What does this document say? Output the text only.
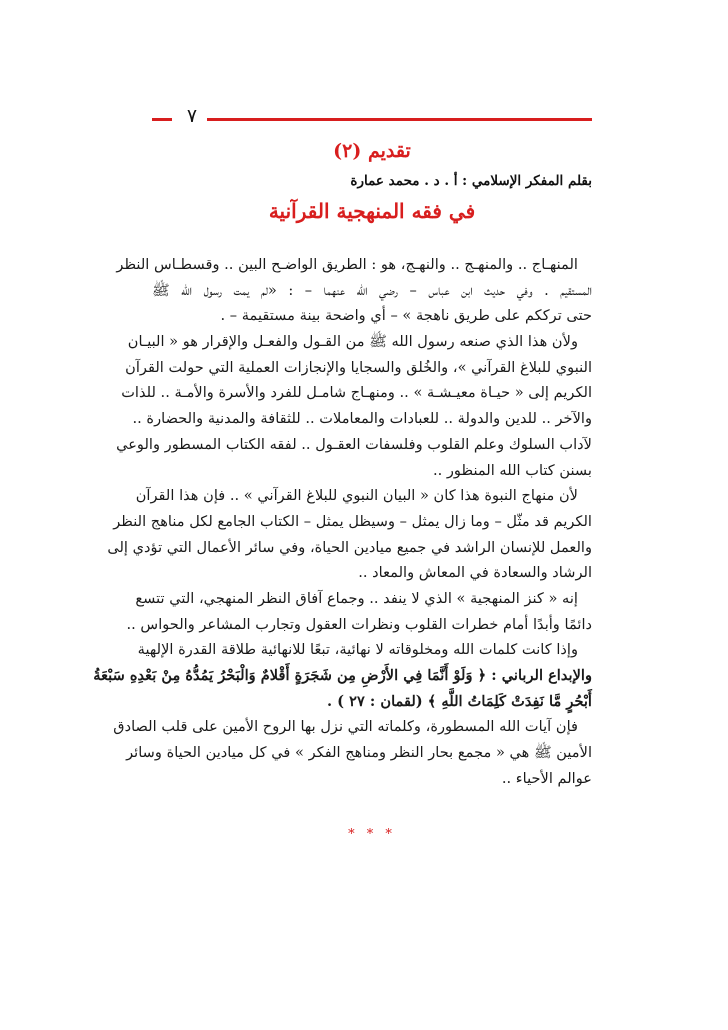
٧
تقديم (٢)
بقلم المفكر الإسلامي : أ . د . محمد عمارة
في فقه المنهجية القرآنية
المنهـاج .. والمنهـج .. والنهـج، هو : الطريق الواضـح البين .. وقسطـاس النظر
المستقيم . وفي حديث ابن عباس – رضي الله عنهما – : «لم يمت رسول الله ﷺ
حتى ترككم على طريق ناهجة » – أي واضحة بينة مستقيمة – .
ولأن هذا الذي صنعه رسول الله ﷺ من القـول والفعـل والإقرار هو « البيـان
النبوي للبلاغ القرآني »، والخُلق والسجايا والإنجازات العملية التي حولت القرآن
الكريم إلى « حيـاة معيـشـة » .. ومنهـاج شامـل للفرد والأسرة والأمـة .. للذات
والآخر .. للدين والدولة .. للعبادات والمعاملات .. للثقافة والمدنية والحضارة ..
لآداب السلوك وعلم القلوب وفلسفات العقـول .. لفقه الكتاب المسطور والوعي
بسنن كتاب الله المنظور ..
لأن منهاج النبوة هذا كان « البيان النبوي للبلاغ القرآني » .. فإن هذا القرآن
الكريم قد مثّل – وما زال يمثل – وسيظل يمثل – الكتاب الجامع لكل مناهج النظر
والعمل للإنسان الراشد في جميع ميادين الحياة، وفي سائر الأعمال التي تؤدي إلى
الرشاد والسعادة في المعاش والمعاد ..
إنه « كنز المنهجية » الذي لا ينفد .. وجماع آفاق النظر المنهجي، التي تتسع
دائمًا وأبدًا أمام خطرات القلوب ونظرات العقول وتجارب المشاعر والحواس ..
وإذا كانت كلمات الله ومخلوقاته لا نهائية، تبعًا للانهائية طلاقة القدرة الإلهية
والإبداع الرباني : ﴿ وَلَوْ أَنَّمَا فِي الأَرْضِ مِن شَجَرَةٍ أَقْلامٌ وَالْبَحْرُ يَمُدُّهُ مِنْ بَعْدِهِ سَبْعَةُ
أَبْحُرٍ مَّا نَفِدَتْ كَلِمَاتُ اللَّهِ ﴾ (لقمان : ٢٧ ) .
فإن آيات الله المسطورة، وكلماته التي نزل بها الروح الأمين على قلب الصادق
الأمين ﷺ هي « مجمع بحار النظر ومناهج الفكر » في كل ميادين الحياة وسائر
عوالم الأحياء ..
* * *
